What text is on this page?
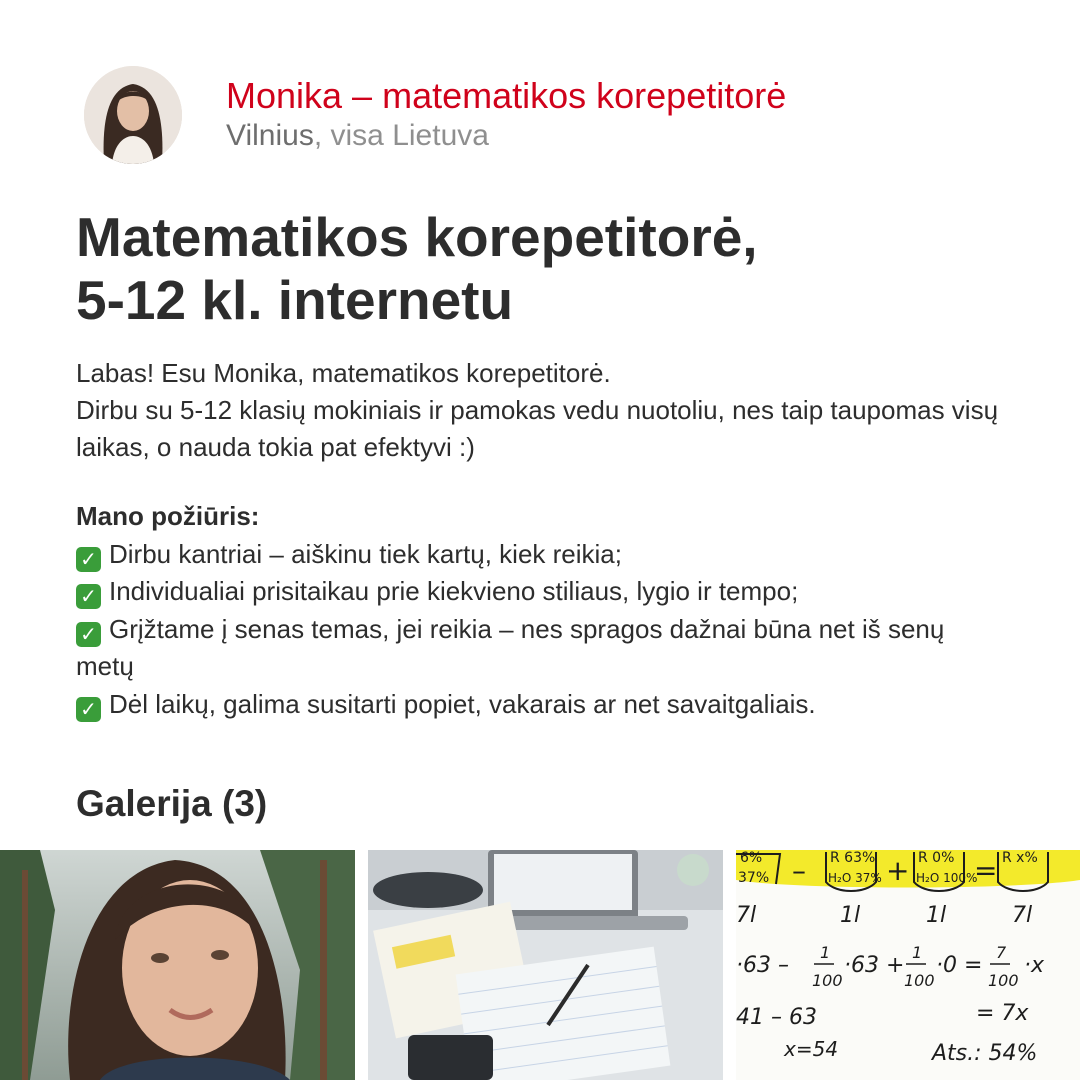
Monika – matematikos korepetitorė
Vilnius, visa Lietuva
Matematikos korepetitorė,
5-12 kl. internetu

Labas! Esu Monika, matematikos korepetitorė.

Dirbu su 5-12 klasių mokiniais ir pamokas vedu nuotoliu, nes taip taupomas visų laikas, o nauda tokia pat efektyvi :)

Mano požiūris:
✓ Dirbu kantriai – aiškinu tiek kartų, kiek reikia;
✓ Individualiai prisitaikau prie kiekvieno stiliaus, lygio ir tempo;
✓ Grįžtame į senas temas, jei reikia – nes spragos dažnai būna net iš senų metų
✓ Dėl laikų, galima susitarti popiet, vakarais ar net savaitgaliais.
Galerija (3)
6%	R 63%	R 0%	R x%
37%	H₂O 37%	H₂O 100%
–	+ =
7l	1l	1l	7l
·63 –
1
100
·63 +
1
100
·0 =
7
100
·x
41 – 63	= 7x
x=54	Ats.: 54%
